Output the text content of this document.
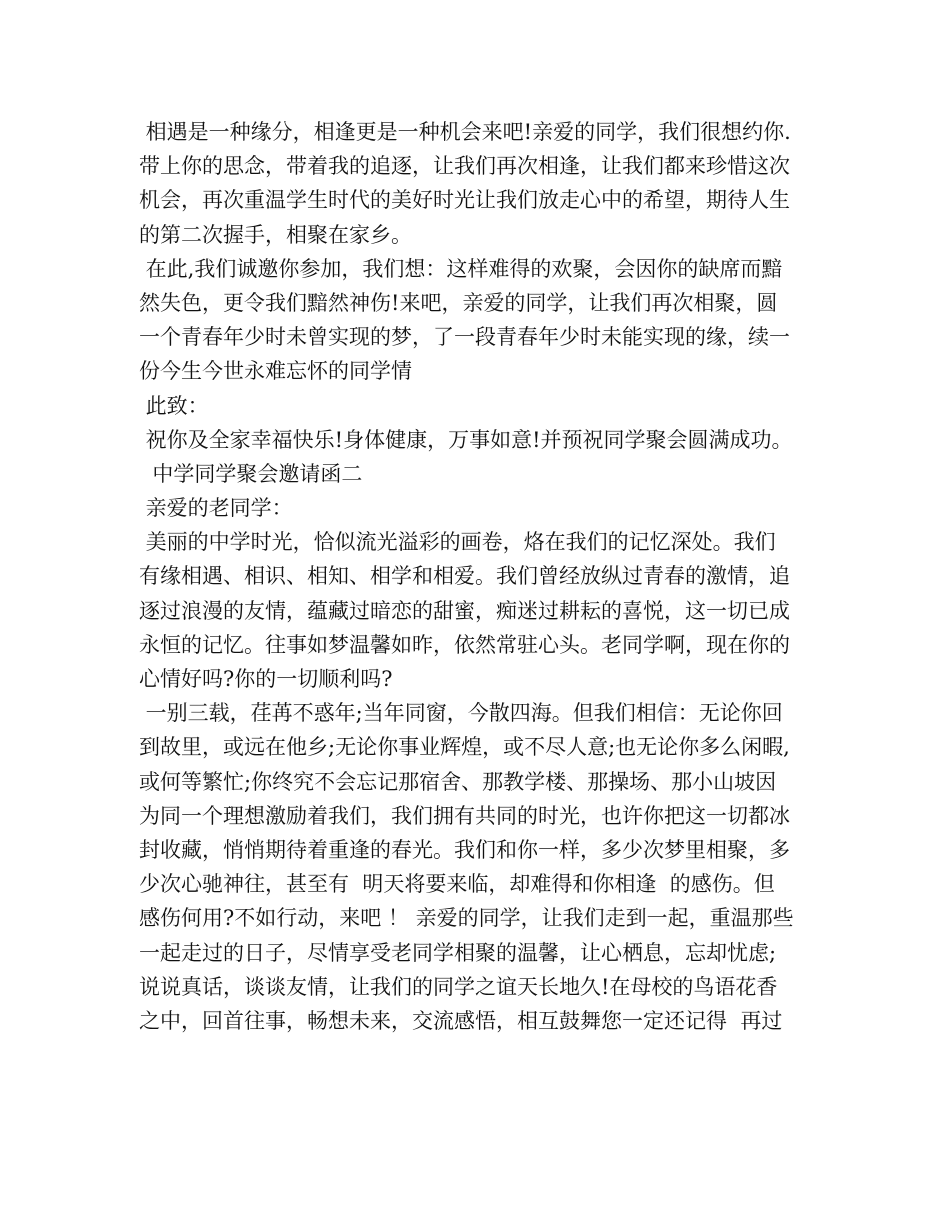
相遇是一种缘分，相逢更是一种机会来吧!亲爱的同学，我们很想约你.
带上你的思念，带着我的追逐，让我们再次相逢，让我们都来珍惜这次
机会，再次重温学生时代的美好时光让我们放走心中的希望，期待人生
的第二次握手，相聚在家乡。
在此,我们诚邀你参加，我们想：这样难得的欢聚，会因你的缺席而黯
然失色，更令我们黯然神伤!来吧，亲爱的同学，让我们再次相聚，圆
一个青春年少时未曾实现的梦，了一段青春年少时未能实现的缘，续一
份今生今世永难忘怀的同学情
此致：
祝你及全家幸福快乐!身体健康，万事如意!并预祝同学聚会圆满成功。
中学同学聚会邀请函二
亲爱的老同学：
美丽的中学时光，恰似流光溢彩的画卷，烙在我们的记忆深处。我们
有缘相遇、相识、相知、相学和相爱。我们曾经放纵过青春的激情，追
逐过浪漫的友情，蕴藏过暗恋的甜蜜，痴迷过耕耘的喜悦，这一切已成
永恒的记忆。往事如梦温馨如昨，依然常驻心头。老同学啊，现在你的
心情好吗?你的一切顺利吗?
一别三载，荏苒不惑年;当年同窗，今散四海。但我们相信：无论你回
到故里，或远在他乡;无论你事业辉煌，或不尽人意;也无论你多么闲暇,
或何等繁忙;你终究不会忘记那宿舍、那教学楼、那操场、那小山坡因
为同一个理想激励着我们，我们拥有共同的时光，也许你把这一切都冰
封收藏，悄悄期待着重逢的春光。我们和你一样，多少次梦里相聚，多
少次心驰神往，甚至有  明天将要来临，却难得和你相逢  的感伤。但
感伤何用?不如行动，来吧 ！ 亲爱的同学，让我们走到一起，重温那些
一起走过的日子，尽情享受老同学相聚的温馨，让心栖息，忘却忧虑;
说说真话，谈谈友情，让我们的同学之谊天长地久!在母校的鸟语花香
之中，回首往事，畅想未来，交流感悟，相互鼓舞您一定还记得  再过
